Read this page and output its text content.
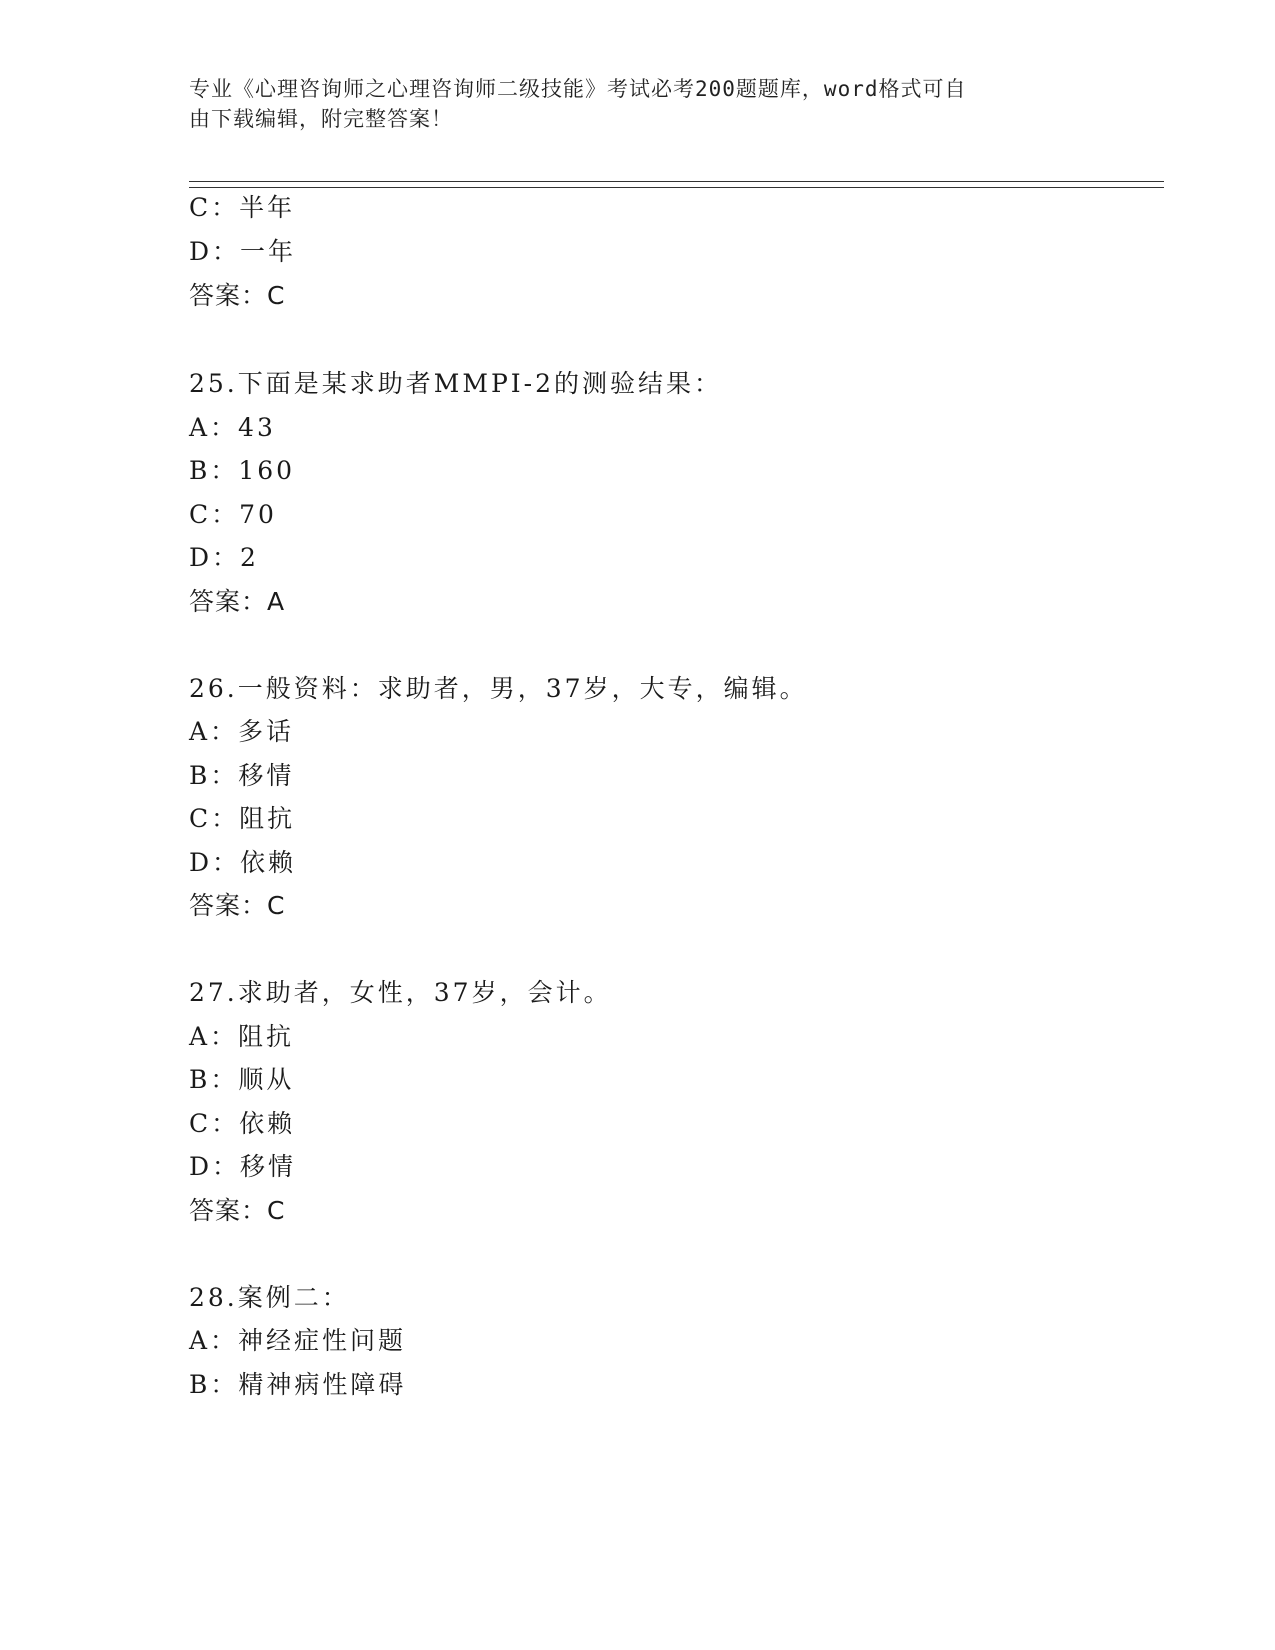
专业《心理咨询师之心理咨询师二级技能》考试必考200题题库，word格式可自
由下载编辑，附完整答案！
C：半年
D：一年
答案：C
25.下面是某求助者MMPI-2的测验结果：
A：43
B：160
C：70
D：2
答案：A
26.一般资料：求助者，男，37岁，大专，编辑。
A：多话
B：移情
C：阻抗
D：依赖
答案：C
27.求助者，女性，37岁，会计。
A：阻抗
B：顺从
C：依赖
D：移情
答案：C
28.案例二：
A：神经症性问题
B：精神病性障碍
